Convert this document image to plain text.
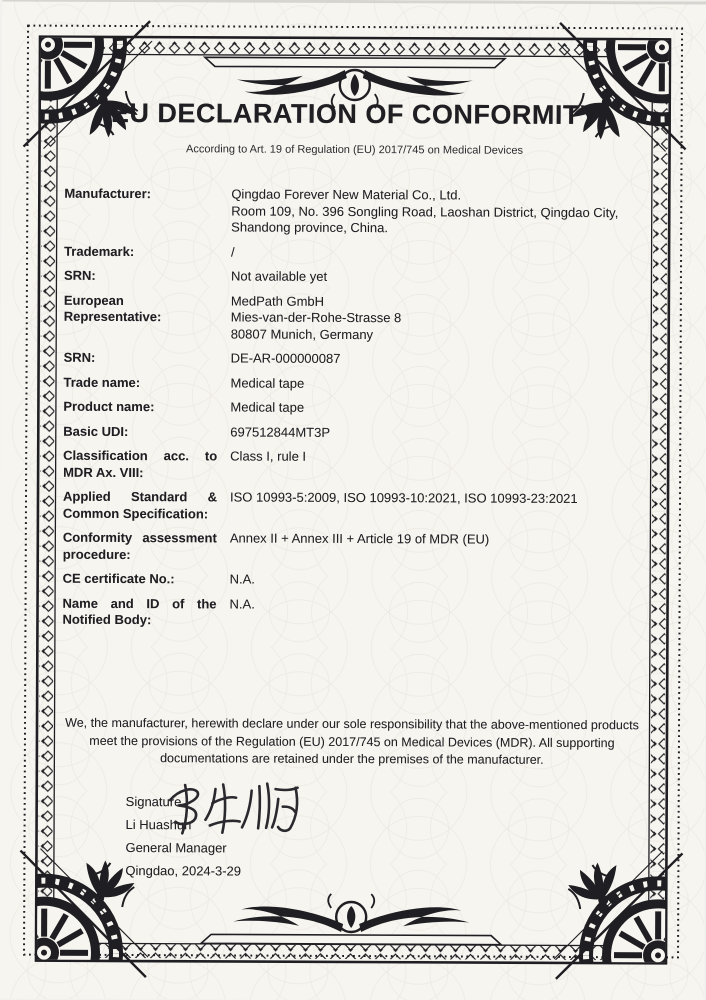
EU DECLARATION OF CONFORMITY
According to Art. 19 of Regulation (EU) 2017/745 on Medical Devices
Manufacturer:	Qingdao Forever New Material Co., Ltd.
Room 109, No. 396 Songling Road, Laoshan District, Qingdao City,
Shandong province, China.
Trademark:	/
SRN:	Not available yet
European
Representative:
MedPath GmbH
Mies-van-der-Rohe-Strasse 8
80807 Munich, Germany
SRN:	DE-AR-000000087
Trade name:	Medical tape
Product name:	Medical tape
Basic UDI:	697512844MT3P
Classification acc. to MDR Ax. VIII:
Class I, rule I
Applied Standard & Common Specification:
ISO 10993-5:2009, ISO 10993-10:2021, ISO 10993-23:2021
Conformity assessment procedure:
Annex II + Annex III + Article 19 of MDR (EU)
CE certificate No.:	N.A.
Name and ID of the Notified Body:
N.A.
We, the manufacturer, herewith declare under our sole responsibility that the above-mentioned products meet the provisions of the Regulation (EU) 2017/745 on Medical Devices (MDR). All supporting documentations are retained under the premises of the manufacturer.
Signature
Li Huashun
General Manager
Qingdao, 2024-3-29
